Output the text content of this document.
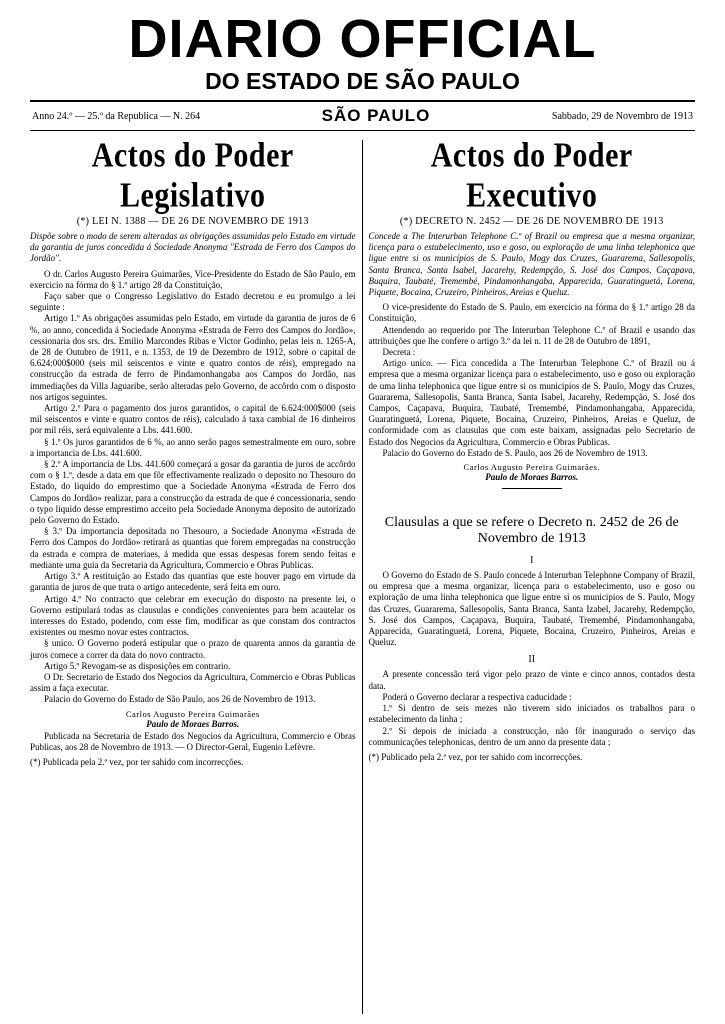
DIARIO OFFICIAL
DO ESTADO DE SÃO PAULO
Anno 24.º — 25.º da Republica — N. 264	SÃO PAULO	Sabbado, 29 de Novembro de 1913
Actos do Poder Legislativo
(*) LEI N. 1388 — DE 26 DE NOVEMBRO DE 1913
Dispõe sobre o modo de serem alteradas as obrigações assumidas pelo Estado em virtude da garantia de juros concedida á Sociedade Anonyma "Estrada de Ferro dos Campos do Jordão".

O dr. Carlos Augusto Pereira Guimarães, Vice-Presidente do Estado de São Paulo, em exercicio na fórma do § 1.º artigo 28 da Constituição,

Faço saber que o Congresso Legislativo do Estado decretou e eu promulgo a lei seguinte :

Artigo 1.º As obrigações assumidas pelo Estado, em virtude da garantia de juros de 6 %, ao anno, concedida á Sociedade Anonyma «Estrada de Ferro dos Campos do Jordão», cessionaria dos srs. drs. Emilio Marcondes Ribas e Victor Godinho, pelas leis n. 1265-A, de 28 de Outubro de 1911, e n. 1353, de 19 de Dezembro de 1912, sobre o capital de 6.624:000$000 (seis mil seiscentos e vinte e quatro contos de réis), empregado na construcção da estrada de ferro de Pindamonhangaba aos Campos do Jordão, nas immediações da Villa Jaguaribe, serão alteradas pelo Governo, de accôrdo com o disposto nos artigos seguintes.

Artigo 2.º Para o pagamento dos juros garantidos, o capital de 6.624:000$000 (seis mil seiscentos e vinte e quatro contos de réis), calculado á taxa cambial de 16 dinheiros por mil réis, será equivalente a Lbs. 441.600.

§ 1.º Os juros garantidos de 6 %, ao anno serão pagos semestralmente em ouro, sobre a importancia de Lbs. 441.600.

§ 2.º A importancia de Lbs. 441.600 começará a gosar da garantia de juros de accôrdo com o § 1.º, desde a data em que fôr effectivamente realizado o deposito no Thesouro do Estado, do liquido do emprestimo que a Sociedade Anonyma «Estrada de Ferro dos Campos do Jordão» realizar, para a construcção da estrada de que é concessionaria, sendo o typo liquido desse emprestimo acceito pela Sociedade Anonyma deposito de autorizado pelo Governo do Estado.

§ 3.º Da importancia depositada no Thesouro, a Sociedade Anonyma «Estrada de Ferro dos Campos do Jordão» retirará as quantias que forem empregadas na construcção da estrada e compra de materiaes, á medida que essas despesas forem sendo feitas e mediante uma guia da Secretaria da Agricultura, Commercio e Obras Publicas.

Artigo 3.º A restituição ao Estado das quantias que este houver pago em virtude da garantia de juros de que trata o artigo antecedente, será feita em ouro.

Artigo 4.º No contracto que celebrar em execução do disposto na presente lei, o Governo estipulará todas as clausulas e condições convenientes para bem acautelar os interesses do Estado, podendo, com esse fim, modificar as que constam dos contractos existentes ou mesmo novar estes contractos.

§ unico. O Governo poderá estipular que o prazo de quarenta annos da garantia de juros comece a correr da data do novo contracto.

Artigo 5.º Revogam-se as disposições em contrario.

O Dr. Secretario de Estado dos Negocios da Agricultura, Commercio e Obras Publicas assim a faça executar.

Palacio do Governo do Estado de São Paulo, aos 26 de Novembro de 1913.

Carlos Augusto Pereira Guimarães
Paulo de Moraes Barros.

Publicada na Secretaria de Estado dos Negocios da Agricultura, Commercio e Obras Publicas, aos 28 de Novembro de 1913. — O Director-Geral, Eugenio Lefèvre.

(*) Publicada pela 2.ª vez, por ter sahido com incorrecções.

Actos do Poder Executivo
(*) DECRETO N. 2452 — DE 26 DE NOVEMBRO DE 1913
Concede a The Interurban Telephone C.º of Brazil ou empresa que a mesma organizar, licença para o estabelecimento, uso e goso, ou exploração de uma linha telephonica que ligue entre si os municipios de S. Paulo, Mogy das Cruzes, Guararema, Sallesopolis, Santa Branca, Santa Isabel, Jacarehy, Redempção, S. José dos Campos, Caçapava, Buquira, Taubaté, Tremembé, Pindamonhangaba, Apparecida, Guaratinguetá, Lorena, Piquete, Bocaina, Cruzeiro, Pinheiros, Areias e Queluz.

O vice-presidente do Estado de S. Paulo, em exercicio na fórma do § 1.º artigo 28 da Constituição,

Attendendo ao requerido por The Interurban Telephone C.º of Brazil e usando das attribuições que lhe confere o artigo 3.º da lei n. 11 de 28 de Outubro de 1891,

Decreta :

Artigo unico. — Fica concedida a The Interurban Telephone C.º of Brazil ou á empresa que a mesma organizar licença para o estabelecimento, uso e goso ou exploração de uma linha telephonica que ligue entre si os municipios de S. Paulo, Mogy das Cruzes, Guararema, Sallesopolis, Santa Branca, Santa Isabel, Jacarehy, Redempção, S. José dos Campos, Caçapava, Buquira, Taubaté, Tremembé, Pindamonhangaba, Apparecida, Guaratinguetá, Lorena, Piquete, Bocaina, Cruzeiro, Pinheiros, Areias e Queluz, de conformidade com as clausulas que com este baixam, assignadas pelo Secretario de Estado dos Negocios da Agricultura, Commercio e Obras Publicas.

Palacio do Governo do Estado de S. Paulo, aos 26 de Novembro de 1913.

Carlos Augusto Pereira Guimarães.
Paulo de Moraes Barros.
Clausulas a que se refere o Decreto n. 2452 de 26 de Novembro de 1913
I

O Governo do Estado de S. Paulo concede á Interurban Telephone Company of Brazil, ou empresa que a mesma organizar, licença para o estabelecimento, uso e goso ou exploração de uma linha telephonica que ligue entre si os municipios de S. Paulo, Mogy das Cruzes, Guararema, Sallesopolis, Santa Branca, Santa Izabel, Jacarehy, Redempção, S. José dos Campos, Caçapava, Buquira, Taubaté, Tremembé, Pindamonhangaba, Apparecida, Guaratinguetá, Lorena, Piquete, Bocaina, Cruzeiro, Pinheiros, Areias e Queluz.

II

A presente concessão terá vigor pelo prazo de vinte e cinco annos, contados desta data.

Poderá o Governo declarar a respectiva caducidade :

1.º Si dentro de seis mezes não tiverem sido iniciados os trabalhos para o estabelecimento da linha ;

2.º Si depois de iniciada a construcção, não fôr inaugurado o serviço das communicações telephonicas, dentro de um anno da presente data ;

(*) Publicado pela 2.ª vez, por ter sahido com incorrecções.
